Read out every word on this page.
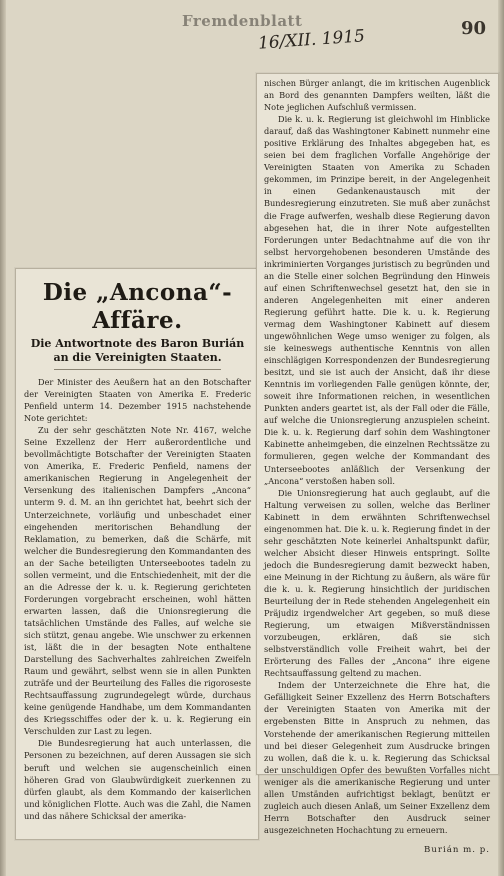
Fremdenblatt
16/XII. 1915	90
Die „Ancona“-Affäre.
Die Antwortnote des Baron Burián an die Vereinigten Staaten.

Der Minister des Aeußern hat an den Botschafter der Vereinigten Staaten von Amerika E. Frederic Penfield unterm 14. Dezember 1915 nachstehende Note gerichtet:

Zu der sehr geschätzten Note Nr. 4167, welche Seine Exzellenz der Herr außerordentliche und bevollmächtigte Botschafter der Vereinigten Staaten von Amerika, E. Frederic Penfield, namens der amerikanischen Regierung in Angelegenheit der Versenkung des italienischen Dampfers „Ancona“ unterm 9. d. M. an ihn gerichtet hat, beehrt sich der Unterzeichnete, vorläufig und unbeschadet einer eingehenden meritorischen Behandlung der Reklamation, zu bemerken, daß die Schärfe, mit welcher die Bundesregierung den Kommandanten des an der Sache beteiligten Unterseebootes tadeln zu sollen vermeint, und die Entschiedenheit, mit der die an die Adresse der k. u. k. Regierung gerichteten Forderungen vorgebracht erscheinen, wohl hätten erwarten lassen, daß die Unionsregierung die tatsächlichen Umstände des Falles, auf welche sie sich stützt, genau angebe. Wie unschwer zu erkennen ist, läßt die in der besagten Note enthaltene Darstellung des Sachverhaltes zahlreichen Zweifeln Raum und gewährt, selbst wenn sie in allen Punkten zuträfe und der Beurteilung des Falles die rigoroseste Rechtsauffassung zugrundegelegt würde, durchaus keine genügende Handhabe, um dem Kommandanten des Kriegsschiffes oder der k. u. k. Regierung ein Verschulden zur Last zu legen.

Die Bundesregierung hat auch unterlassen, die Personen zu bezeichnen, auf deren Aussagen sie sich beruft und welchen sie augenscheinlich einen höheren Grad von Glaubwürdigkeit zuerkennen zu dürfen glaubt, als dem Kommando der kaiserlichen und königlichen Flotte. Auch was die Zahl, die Namen und das nähere Schicksal der amerika-

nischen Bürger anlangt, die im kritischen Augenblick an Bord des genannten Dampfers weilten, läßt die Note jeglichen Aufschluß vermissen.

Die k. u. k. Regierung ist gleichwohl im Hinblicke darauf, daß das Washingtoner Kabinett nunmehr eine positive Erklärung des Inhaltes abgegeben hat, es seien bei dem fraglichen Vorfalle Angehörige der Vereinigten Staaten von Amerika zu Schaden gekommen, im Prinzipe bereit, in der Angelegenheit in einen Gedankenaustausch mit der Bundesregierung einzutreten. Sie muß aber zunächst die Frage aufwerfen, weshalb diese Regierung davon abgesehen hat, die in ihrer Note aufgestellten Forderungen unter Bedachtnahme auf die von ihr selbst hervorgehobenen besonderen Umstände des inkriminierten Vorganges juristisch zu begründen und an die Stelle einer solchen Begründung den Hinweis auf einen Schriftenwechsel gesetzt hat, den sie in anderen Angelegenheiten mit einer anderen Regierung geführt hatte. Die k. u. k. Regierung vermag dem Washingtoner Kabinett auf diesem ungewöhnlichen Wege umso weniger zu folgen, als sie keineswegs authentische Kenntnis von allen einschlägigen Korrespondenzen der Bundesregierung besitzt, und sie ist auch der Ansicht, daß ihr diese Kenntnis im vorliegenden Falle genügen könnte, der, soweit ihre Informationen reichen, in wesentlichen Punkten anders geartet ist, als der Fall oder die Fälle, auf welche die Unionsregierung anzuspielen scheint. Die k. u. k. Regierung darf sohin dem Washingtoner Kabinette anheimgeben, die einzelnen Rechtssätze zu formulieren, gegen welche der Kommandant des Unterseebootes anläßlich der Versenkung der „Ancona“ verstoßen haben soll.

Die Unionsregierung hat auch geglaubt, auf die Haltung verweisen zu sollen, welche das Berliner Kabinett in dem erwähnten Schriftenwechsel eingenommen hat. Die k. u. k. Regierung findet in der sehr geschätzten Note keinerlei Anhaltspunkt dafür, welcher Absicht dieser Hinweis entspringt. Sollte jedoch die Bundesregierung damit bezweckt haben, eine Meinung in der Richtung zu äußern, als wäre für die k. u. k. Regierung hinsichtlich der juridischen Beurteilung der in Rede stehenden Angelegenheit ein Präjudiz irgendwelcher Art gegeben, so muß diese Regierung, um etwaigen Mißverständnissen vorzubeugen, erklären, daß sie sich selbstverständlich volle Freiheit wahrt, bei der Erörterung des Falles der „Ancona“ ihre eigene Rechtsauffassung geltend zu machen.

Indem der Unterzeichnete die Ehre hat, die Gefälligkeit Seiner Exzellenz des Herrn Botschafters der Vereinigten Staaten von Amerika mit der ergebensten Bitte in Anspruch zu nehmen, das Vorstehende der amerikanischen Regierung mitteilen und bei dieser Gelegenheit zum Ausdrucke bringen zu wollen, daß die k. u. k. Regierung das Schicksal der unschuldigen Opfer des bewußten Vorfalles nicht weniger als die amerikanische Regierung und unter allen Umständen aufrichtigst beklagt, benützt er zugleich auch diesen Anlaß, um Seiner Exzellenz dem Herrn Botschafter den Ausdruck seiner ausgezeichneten Hochachtung zu erneuern.

Burián m. p.
